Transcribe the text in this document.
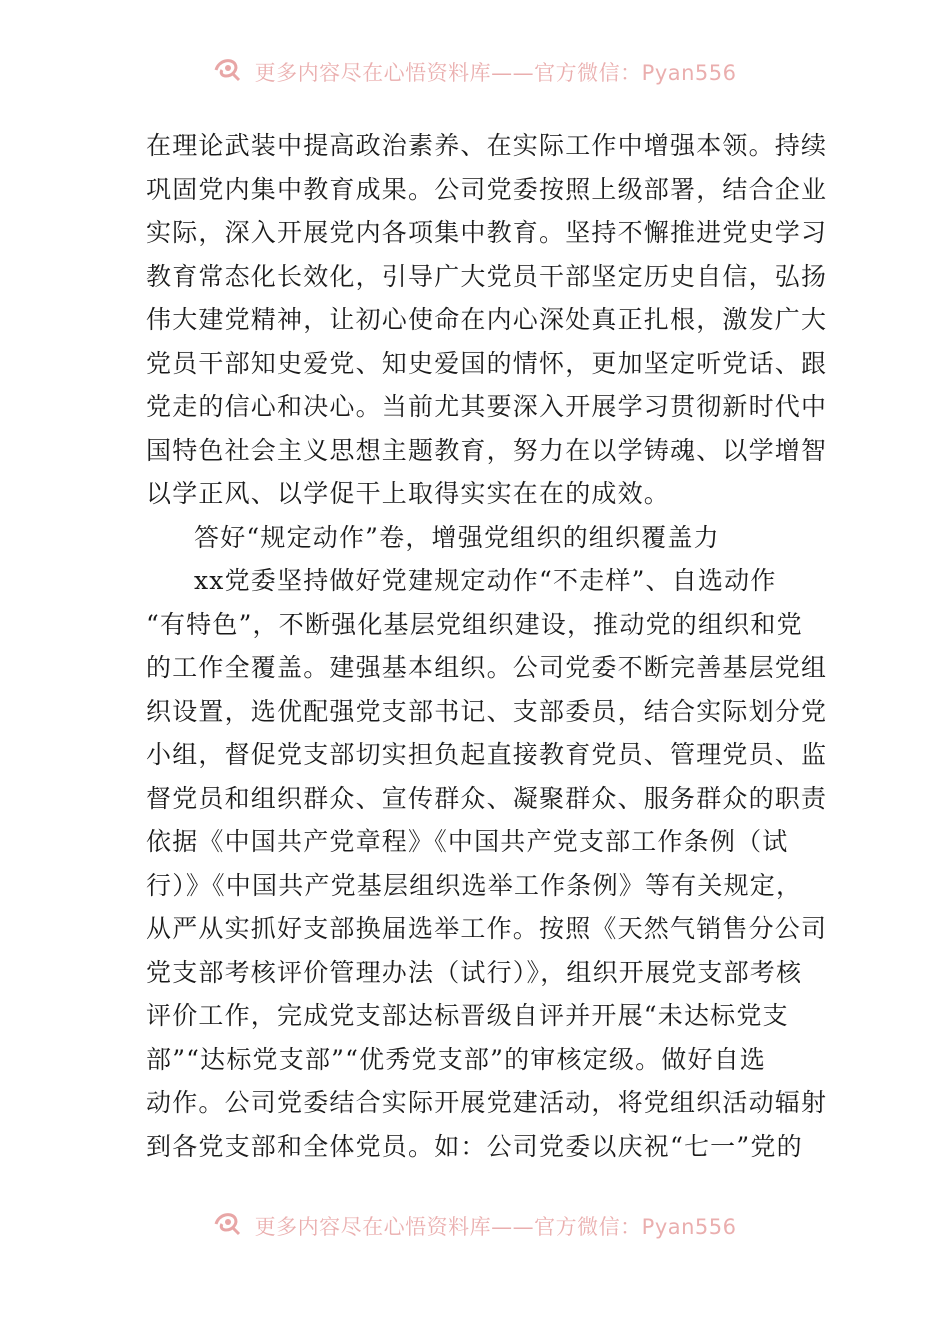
更多内容尽在心悟资料库——官方微信：Pyan556
在理论武装中提高政治素养、在实际工作中增强本领。持续
巩固党内集中教育成果。公司党委按照上级部署，结合企业
实际，深入开展党内各项集中教育。坚持不懈推进党史学习
教育常态化长效化，引导广大党员干部坚定历史自信，弘扬
伟大建党精神，让初心使命在内心深处真正扎根，激发广大
党员干部知史爱党、知史爱国的情怀，更加坚定听党话、跟
党走的信心和决心。当前尤其要深入开展学习贯彻新时代中
国特色社会主义思想主题教育，努力在以学铸魂、以学增智
以学正风、以学促干上取得实实在在的成效。
答好“规定动作”卷，增强党组织的组织覆盖力
xx党委坚持做好党建规定动作“不走样”、自选动作
“有特色”，不断强化基层党组织建设，推动党的组织和党
的工作全覆盖。建强基本组织。公司党委不断完善基层党组
织设置，选优配强党支部书记、支部委员，结合实际划分党
小组，督促党支部切实担负起直接教育党员、管理党员、监
督党员和组织群众、宣传群众、凝聚群众、服务群众的职责
依据《中国共产党章程》《中国共产党支部工作条例（试
行）》《中国共产党基层组织选举工作条例》等有关规定，
从严从实抓好支部换届选举工作。按照《天然气销售分公司
党支部考核评价管理办法（试行）》，组织开展党支部考核
评价工作，完成党支部达标晋级自评并开展“未达标党支
部”“达标党支部”“优秀党支部”的审核定级。做好自选
动作。公司党委结合实际开展党建活动，将党组织活动辐射
到各党支部和全体党员。如：公司党委以庆祝“七一”党的
更多内容尽在心悟资料库——官方微信：Pyan556
